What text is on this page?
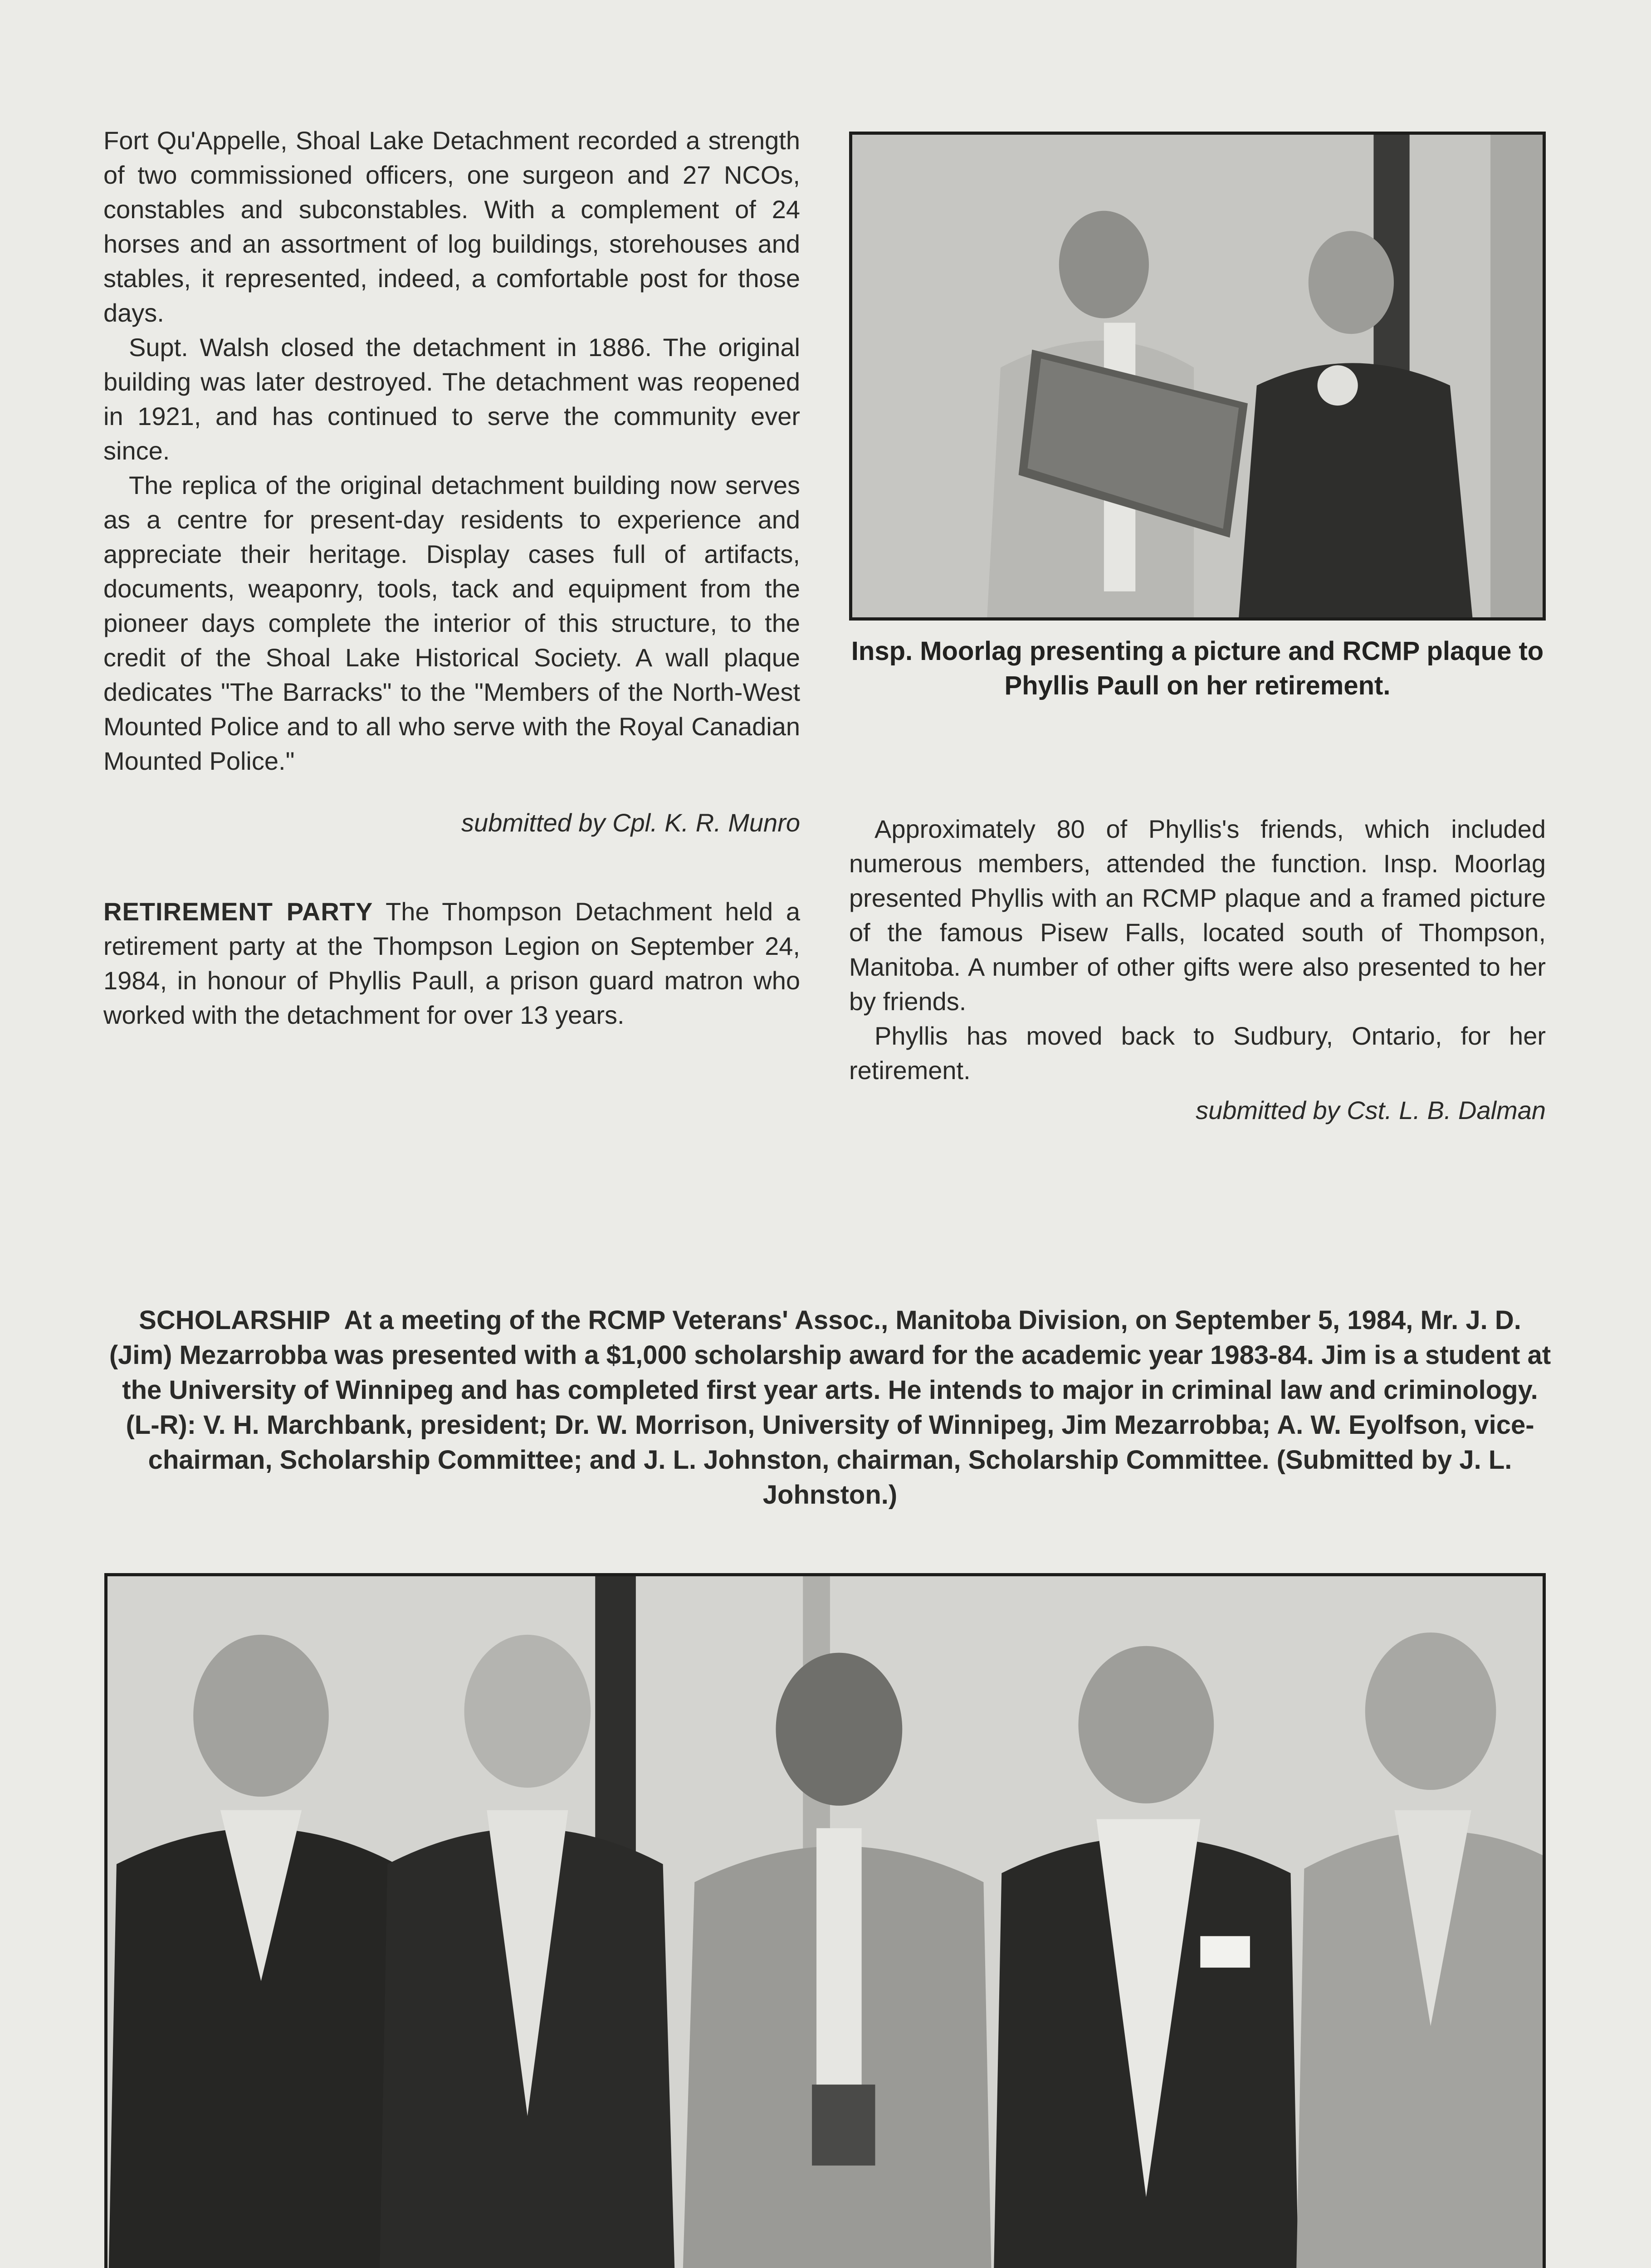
Fort Qu'Appelle, Shoal Lake Detachment recorded a strength of two commissioned officers, one surgeon and 27 NCOs, constables and subconstables. With a complement of 24 horses and an assortment of log buildings, storehouses and stables, it represented, indeed, a comfortable post for those days.

Supt. Walsh closed the detachment in 1886. The original building was later destroyed. The detachment was reopened in 1921, and has continued to serve the community ever since.

The replica of the original detachment building now serves as a centre for present-day residents to experience and appreciate their heritage. Display cases full of artifacts, documents, weaponry, tools, tack and equipment from the pioneer days complete the interior of this structure, to the credit of the Shoal Lake Historical Society. A wall plaque dedicates "The Barracks" to the "Members of the North-West Mounted Police and to all who serve with the Royal Canadian Mounted Police."

submitted by Cpl. K. R. Munro

RETIREMENT PARTY The Thompson Detachment held a retirement party at the Thompson Legion on September 24, 1984, in honour of Phyllis Paull, a prison guard matron who worked with the detachment for over 13 years.

Insp. Moorlag presenting a picture and RCMP plaque to Phyllis Paull on her retirement.

Approximately 80 of Phyllis's friends, which included numerous members, attended the function. Insp. Moorlag presented Phyllis with an RCMP plaque and a framed picture of the famous Pisew Falls, located south of Thompson, Manitoba. A number of other gifts were also presented to her by friends.

Phyllis has moved back to Sudbury, Ontario, for her retirement.

submitted by Cst. L. B. Dalman

SCHOLARSHIP At a meeting of the RCMP Veterans' Assoc., Manitoba Division, on September 5, 1984, Mr. J. D. (Jim) Mezarrobba was presented with a $1,000 scholarship award for the academic year 1983-84. Jim is a student at the University of Winnipeg and has completed first year arts. He intends to major in criminal law and criminology. (L-R): V. H. Marchbank, president; Dr. W. Morrison, University of Winnipeg, Jim Mezarrobba; A. W. Eyolfson, vice-chairman, Scholarship Committee; and J. L. Johnston, chairman, Scholarship Committee. (Submitted by J. L. Johnston.)
